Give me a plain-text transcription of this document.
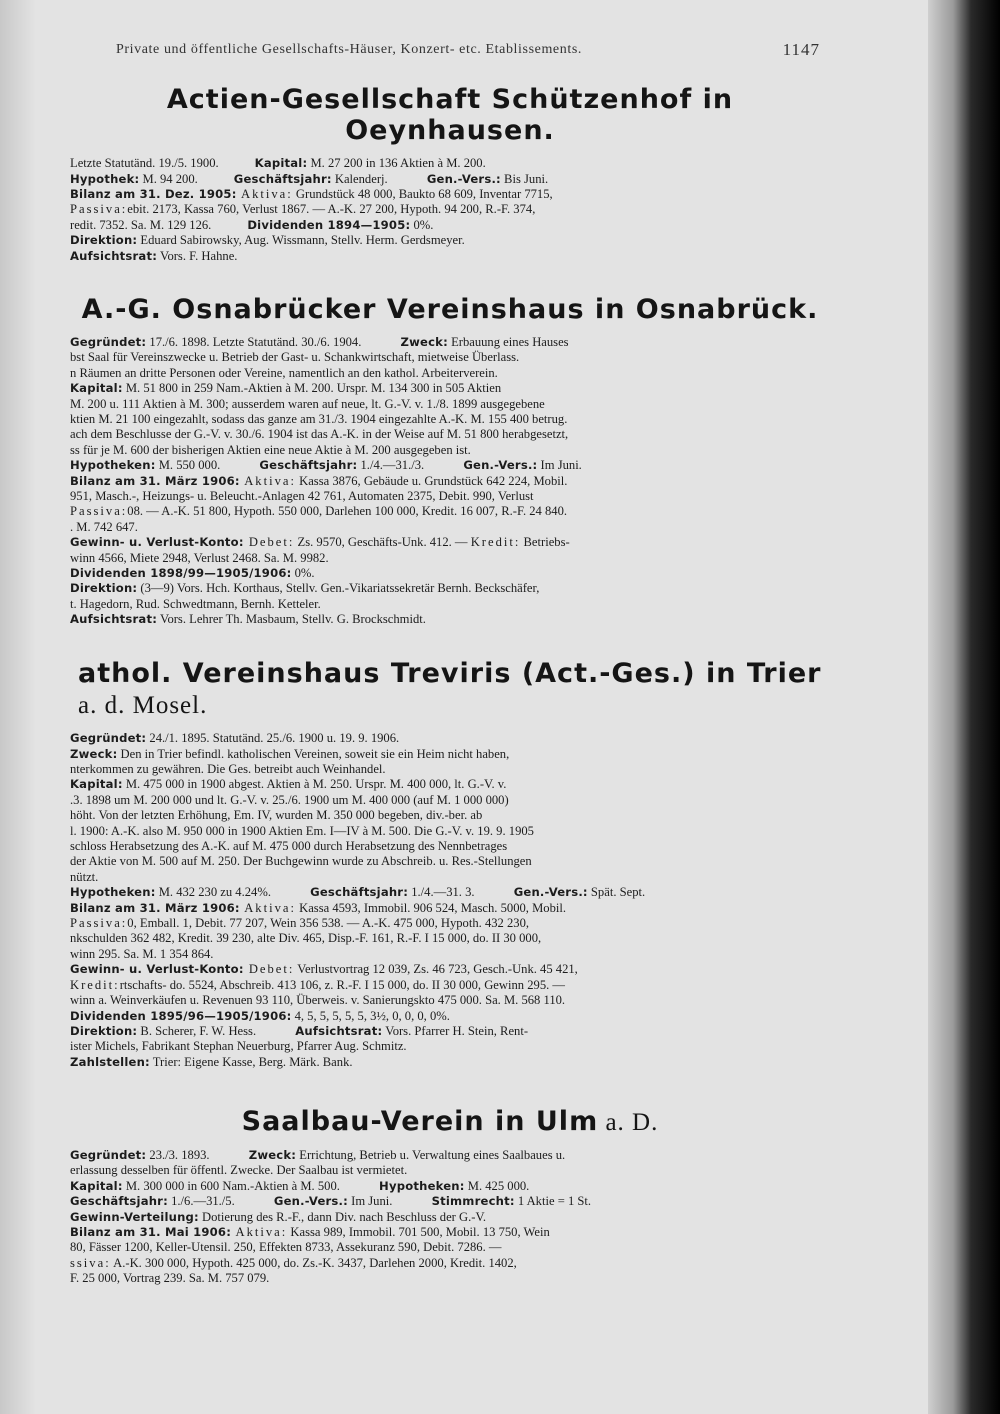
Private und öffentliche Gesellschafts-Häuser, Konzert- etc. Etablissements.	1147
Actien-Gesellschaft Schützenhof in Oeynhausen.

Letzte Statutänd. 19./5. 1900.	Kapital: M. 27 200 in 136 Aktien à M. 200.

Hypothek: M. 94 200.	Geschäftsjahr: Kalenderj.	Gen.-Vers.: Bis Juni.

Bilanz am 31. Dez. 1905: Aktiva: Grundstück 48 000, Baukto 68 609, Inventar 7715,

Passiva:ebit. 2173, Kassa 760, Verlust 1867. — A.-K. 27 200, Hypoth. 94 200, R.-F. 374,

redit. 7352. Sa. M. 129 126.	Dividenden 1894—1905: 0%.

Direktion: Eduard Sabirowsky, Aug. Wissmann, Stellv. Herm. Gerdsmeyer.

Aufsichtsrat: Vors. F. Hahne.

A.-G. Osnabrücker Vereinshaus in Osnabrück.

Gegründet: 17./6. 1898. Letzte Statutänd. 30./6. 1904.	Zweck: Erbauung eines Hauses

bst Saal für Vereinszwecke u. Betrieb der Gast- u. Schankwirtschaft, mietweise Überlass.

n Räumen an dritte Personen oder Vereine, namentlich an den kathol. Arbeiterverein.

Kapital: M. 51 800 in 259 Nam.-Aktien à M. 200. Urspr. M. 134 300 in 505 Aktien

M. 200 u. 111 Aktien à M. 300; ausserdem waren auf neue, lt. G.-V. v. 1./8. 1899 ausgegebene

ktien M. 21 100 eingezahlt, sodass das ganze am 31./3. 1904 eingezahlte A.-K. M. 155 400 betrug.

ach dem Beschlusse der G.-V. v. 30./6. 1904 ist das A.-K. in der Weise auf M. 51 800 herabgesetzt,

ss für je M. 600 der bisherigen Aktien eine neue Aktie à M. 200 ausgegeben ist.

Hypotheken: M. 550 000.	Geschäftsjahr: 1./4.—31./3.	Gen.-Vers.: Im Juni.

Bilanz am 31. März 1906: Aktiva: Kassa 3876, Gebäude u. Grundstück 642 224, Mobil.

951, Masch.-, Heizungs- u. Beleucht.-Anlagen 42 761, Automaten 2375, Debit. 990, Verlust

Passiva:08. — A.-K. 51 800, Hypoth. 550 000, Darlehen 100 000, Kredit. 16 007, R.-F. 24 840.

. M. 742 647.

Gewinn- u. Verlust-Konto: Debet: Zs. 9570, Geschäfts-Unk. 412. — Kredit: Betriebs-

winn 4566, Miete 2948, Verlust 2468. Sa. M. 9982.

Dividenden 1898/99—1905/1906: 0%.

Direktion: (3—9) Vors. Hch. Korthaus, Stellv. Gen.-Vikariatssekretär Bernh. Beckschäfer,

t. Hagedorn, Rud. Schwedtmann, Bernh. Ketteler.

Aufsichtsrat: Vors. Lehrer Th. Masbaum, Stellv. G. Brockschmidt.

athol. Vereinshaus Treviris (Act.-Ges.) in Trier a. d. Mosel.

Gegründet: 24./1. 1895. Statutänd. 25./6. 1900 u. 19. 9. 1906.

Zweck: Den in Trier befindl. katholischen Vereinen, soweit sie ein Heim nicht haben,

nterkommen zu gewähren. Die Ges. betreibt auch Weinhandel.

Kapital: M. 475 000 in 1900 abgest. Aktien à M. 250. Urspr. M. 400 000, lt. G.-V. v.

.3. 1898 um M. 200 000 und lt. G.-V. v. 25./6. 1900 um M. 400 000 (auf M. 1 000 000)

höht. Von der letzten Erhöhung, Em. IV, wurden M. 350 000 begeben, div.-ber. ab

l. 1900: A.-K. also M. 950 000 in 1900 Aktien Em. I—IV à M. 500. Die G.-V. v. 19. 9. 1905

schloss Herabsetzung des A.-K. auf M. 475 000 durch Herabsetzung des Nennbetrages

der Aktie von M. 500 auf M. 250. Der Buchgewinn wurde zu Abschreib. u. Res.-Stellungen

nützt.

Hypotheken: M. 432 230 zu 4.24%.	Geschäftsjahr: 1./4.—31. 3.	Gen.-Vers.: Spät. Sept.

Bilanz am 31. März 1906: Aktiva: Kassa 4593, Immobil. 906 524, Masch. 5000, Mobil.

Passiva:0, Emball. 1, Debit. 77 207, Wein 356 538. — A.-K. 475 000, Hypoth. 432 230,

nkschulden 362 482, Kredit. 39 230, alte Div. 465, Disp.-F. 161, R.-F. I 15 000, do. II 30 000,

winn 295. Sa. M. 1 354 864.

Gewinn- u. Verlust-Konto: Debet: Verlustvortrag 12 039, Zs. 46 723, Gesch.-Unk. 45 421,

Kredit:rtschafts- do. 5524, Abschreib. 413 106, z. R.-F. I 15 000, do. II 30 000, Gewinn 295. —

winn a. Weinverkäufen u. Revenuen 93 110, Überweis. v. Sanierungskto 475 000. Sa. M. 568 110.

Dividenden 1895/96—1905/1906: 4, 5, 5, 5, 5, 5, 3½, 0, 0, 0, 0%.

Direktion: B. Scherer, F. W. Hess.	Aufsichtsrat: Vors. Pfarrer H. Stein, Rent-

ister Michels, Fabrikant Stephan Neuerburg, Pfarrer Aug. Schmitz.

Zahlstellen: Trier: Eigene Kasse, Berg. Märk. Bank.

Saalbau-Verein in Ulm a. D.

Gegründet: 23./3. 1893.	Zweck: Errichtung, Betrieb u. Verwaltung eines Saalbaues u.

erlassung desselben für öffentl. Zwecke. Der Saalbau ist vermietet.

Kapital: M. 300 000 in 600 Nam.-Aktien à M. 500.	Hypotheken: M. 425 000.

Geschäftsjahr: 1./6.—31./5.	Gen.-Vers.: Im Juni.	Stimmrecht: 1 Aktie = 1 St.

Gewinn-Verteilung: Dotierung des R.-F., dann Div. nach Beschluss der G.-V.

Bilanz am 31. Mai 1906: Aktiva: Kassa 989, Immobil. 701 500, Mobil. 13 750, Wein

80, Fässer 1200, Keller-Utensil. 250, Effekten 8733, Assekuranz 590, Debit. 7286. —

ssiva: A.-K. 300 000, Hypoth. 425 000, do. Zs.-K. 3437, Darlehen 2000, Kredit. 1402,

F. 25 000, Vortrag 239. Sa. M. 757 079.
